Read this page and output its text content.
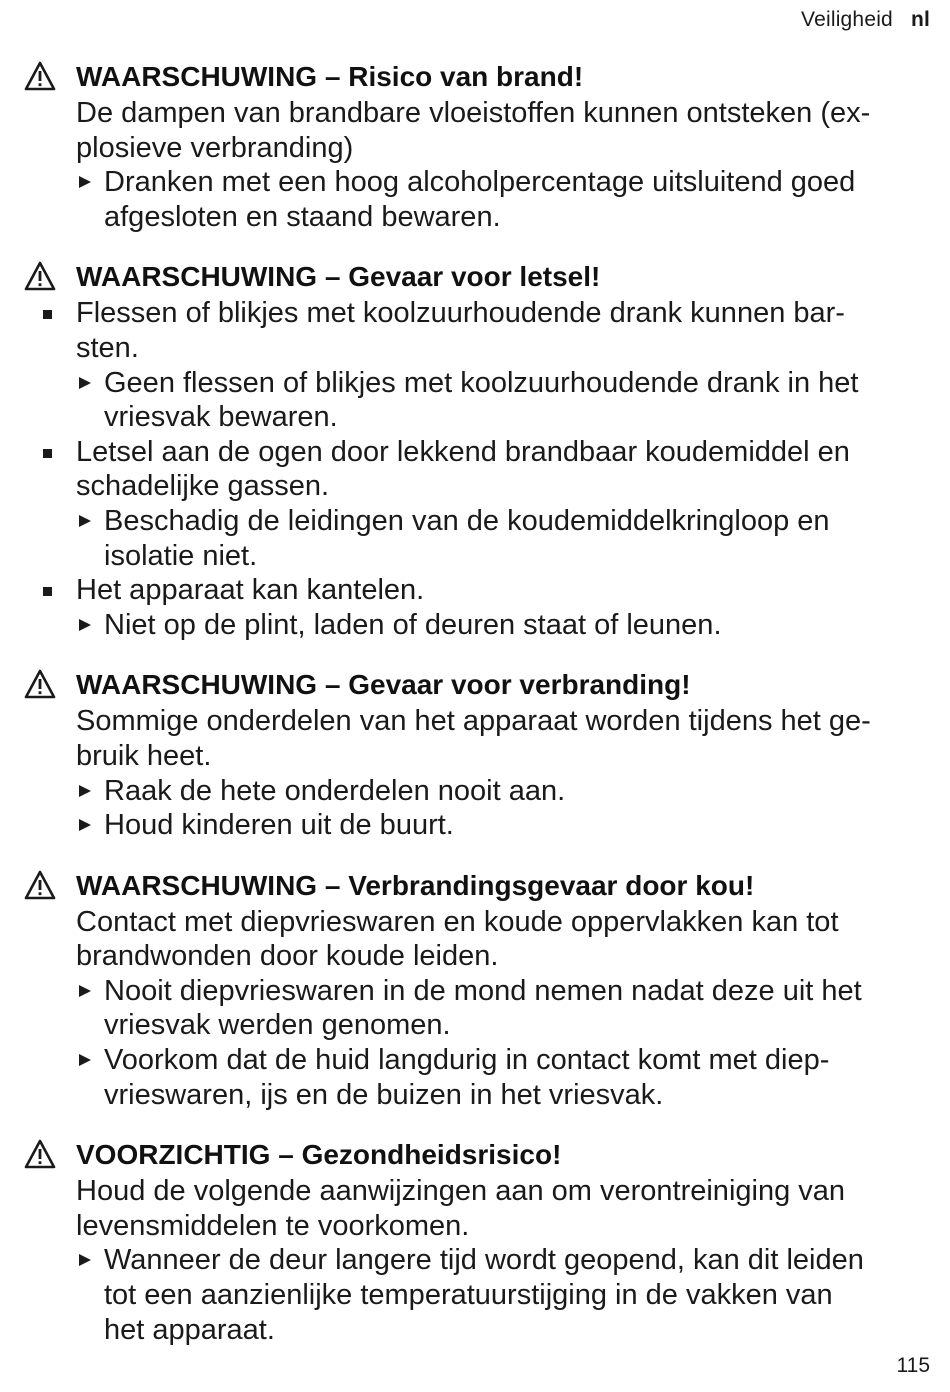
Veiligheid nl
WAARSCHUWING – Risico van brand!
De dampen van brandbare vloeistoffen kunnen ontsteken (ex-
plosieve verbranding)
Dranken met een hoog alcoholpercentage uitsluitend goed
afgesloten en staand bewaren.
WAARSCHUWING – Gevaar voor letsel!
Flessen of blikjes met koolzuurhoudende drank kunnen bar-
sten.
Geen flessen of blikjes met koolzuurhoudende drank in het
vriesvak bewaren.
Letsel aan de ogen door lekkend brandbaar koudemiddel en
schadelijke gassen.
Beschadig de leidingen van de koudemiddelkringloop en
isolatie niet.
Het apparaat kan kantelen.
Niet op de plint, laden of deuren staat of leunen.
WAARSCHUWING – Gevaar voor verbranding!
Sommige onderdelen van het apparaat worden tijdens het ge-
bruik heet.
Raak de hete onderdelen nooit aan.
Houd kinderen uit de buurt.
WAARSCHUWING – Verbrandingsgevaar door kou!
Contact met diepvrieswaren en koude oppervlakken kan tot
brandwonden door koude leiden.
Nooit diepvrieswaren in de mond nemen nadat deze uit het
vriesvak werden genomen.
Voorkom dat de huid langdurig in contact komt met diep-
vrieswaren, ijs en de buizen in het vriesvak.
VOORZICHTIG – Gezondheidsrisico!
Houd de volgende aanwijzingen aan om verontreiniging van
levensmiddelen te voorkomen.
Wanneer de deur langere tijd wordt geopend, kan dit leiden
tot een aanzienlijke temperatuurstijging in de vakken van
het apparaat.
115
